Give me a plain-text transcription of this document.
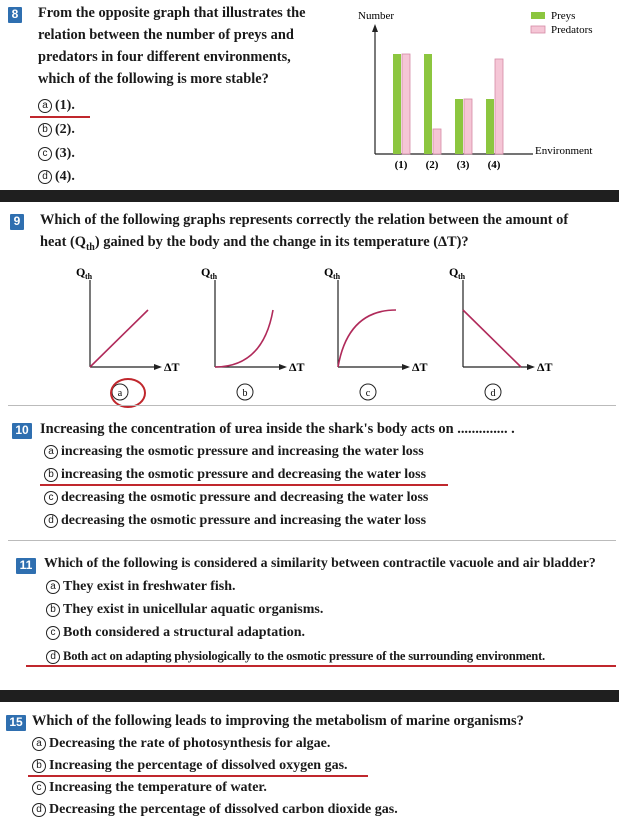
8 From the opposite graph that illustrates the
relation between the number of preys and
predators in four different environments,
which of the following is more stable?
a (1).
b (2).
c (3).
d (4).
Number
Environment
Preys
Predators
(1) (2) (3) (4)
9 Which of the following graphs represents correctly the relation between the amount of
heat $(Q_{th})$ gained by the body and the change in its temperature (ΔT)?
Q th
ΔT
a
Q th
ΔT
b
Q th
ΔT
c
Q th
ΔT
d
10 Increasing the concentration of urea inside the shark's body acts on .............. .
a increasing the osmotic pressure and increasing the water loss
b increasing the osmotic pressure and decreasing the water loss
c decreasing the osmotic pressure and decreasing the water loss
d decreasing the osmotic pressure and increasing the water loss
11 Which of the following is considered a similarity between contractile vacuole and air bladder?
a They exist in freshwater fish.
b They exist in unicellular aquatic organisms.
c Both considered a structural adaptation.
d Both act on adapting physiologically to the osmotic pressure of the surrounding environment.
15 Which of the following leads to improving the metabolism of marine organisms?
a Decreasing the rate of photosynthesis for algae.
b Increasing the percentage of dissolved oxygen gas.
c Increasing the temperature of water.
d Decreasing the percentage of dissolved carbon dioxide gas.
